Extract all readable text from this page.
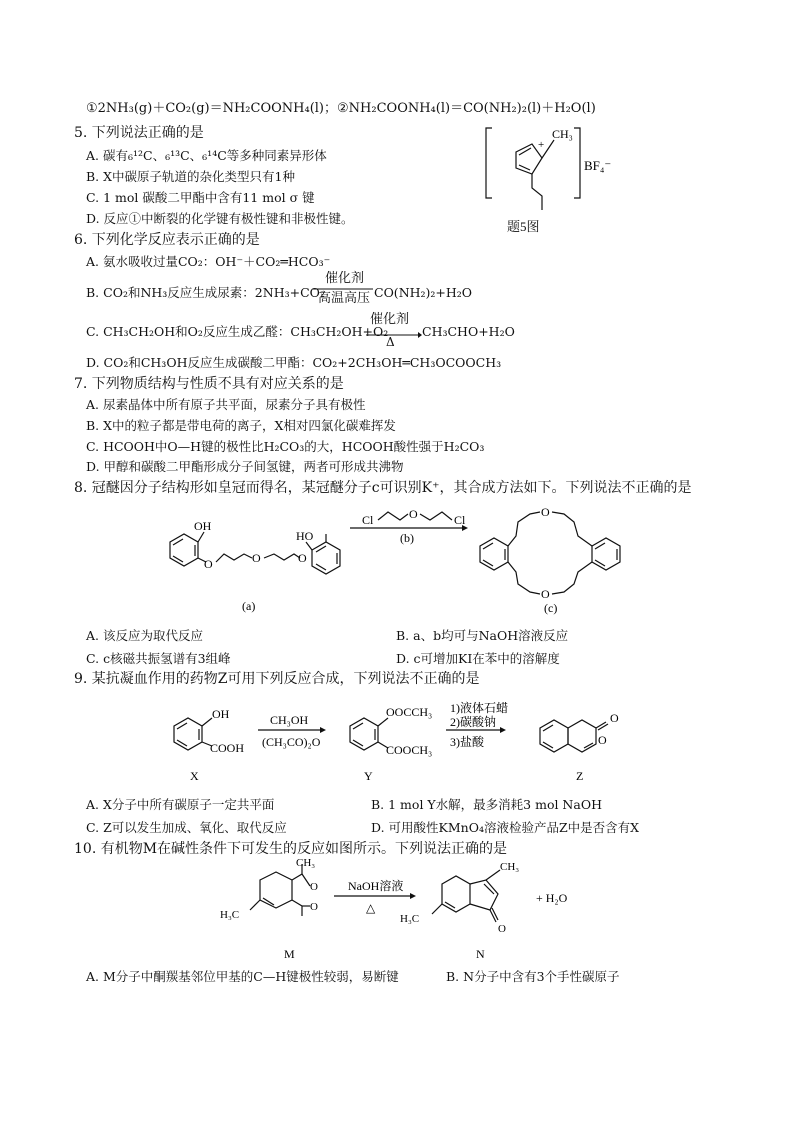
①2NH₃(g)＋CO₂(g)＝NH₂COONH₄(l)；②NH₂COONH₄(l)＝CO(NH₂)₂(l)＋H₂O(l)
5. 下列说法正确的是
A. 碳有₆¹²C、₆¹³C、₆¹⁴C等多种同素异形体
B. X中碳原子轨道的杂化类型只有1种
C. 1 mol 碳酸二甲酯中含有11 mol σ 键
D. 反应①中断裂的化学键有极性键和非极性键。
+
CH₃
BF₄⁻
题5图
6. 下列化学反应表示正确的是
A. 氨水吸收过量CO₂：OH⁻＋CO₂═HCO₃⁻
B. CO₂和NH₃反应生成尿素：2NH₃+CO₂
催化剂
高温高压 CO(NH₂)₂+H₂O
C. CH₃CH₂OH和O₂反应生成乙醛：CH₃CH₂OH+O₂
催化剂
Δ
CH₃CHO+H₂O
D. CO₂和CH₃OH反应生成碳酸二甲酯：CO₂+2CH₃OH═CH₃OCOOCH₃
7. 下列物质结构与性质不具有对应关系的是
A. 尿素晶体中所有原子共平面，尿素分子具有极性
B. X中的粒子都是带电荷的离子，X相对四氯化碳难挥发
C. HCOOH中O—H键的极性比H₂CO₃的大，HCOOH酸性强于H₂CO₃
D. 甲醇和碳酸二甲酯形成分子间氢键，两者可形成共沸物
8. 冠醚因分子结构形如皇冠而得名，某冠醚分子c可识别K⁺，其合成方法如下。下列说法不正确的是
OH
O	O	O
HO
Cl	O	Cl
(b)
O
O
(a)	(c)
A. 该反应为取代反应	B. a、b均可与NaOH溶液反应
C. c核磁共振氢谱有3组峰	D. c可增加KI在苯中的溶解度
9. 某抗凝血作用的药物Z可用下列反应合成，下列说法不正确的是
OH
COOH
CH₃OH
(CH₃CO)₂O
OOCCH₃
COOCH₃
1)液体石蜡
2)碳酸钠
3)盐酸	O
O
X	Y	Z
A. X分子中所有碳原子一定共平面	B. 1 mol Y水解，最多消耗3 mol NaOH
C. Z可以发生加成、氧化、取代反应	D. 可用酸性KMnO₄溶液检验产品Z中是否含有X
10. 有机物M在碱性条件下可发生的反应如图所示。下列说法正确的是
CH₃
O
O
H₃C
NaOH溶液
△
CH₃
H₃C
O
+ H₂O
M	N
A. M分子中酮羰基邻位甲基的C—H键极性较弱，易断键	B. N分子中含有3个手性碳原子
